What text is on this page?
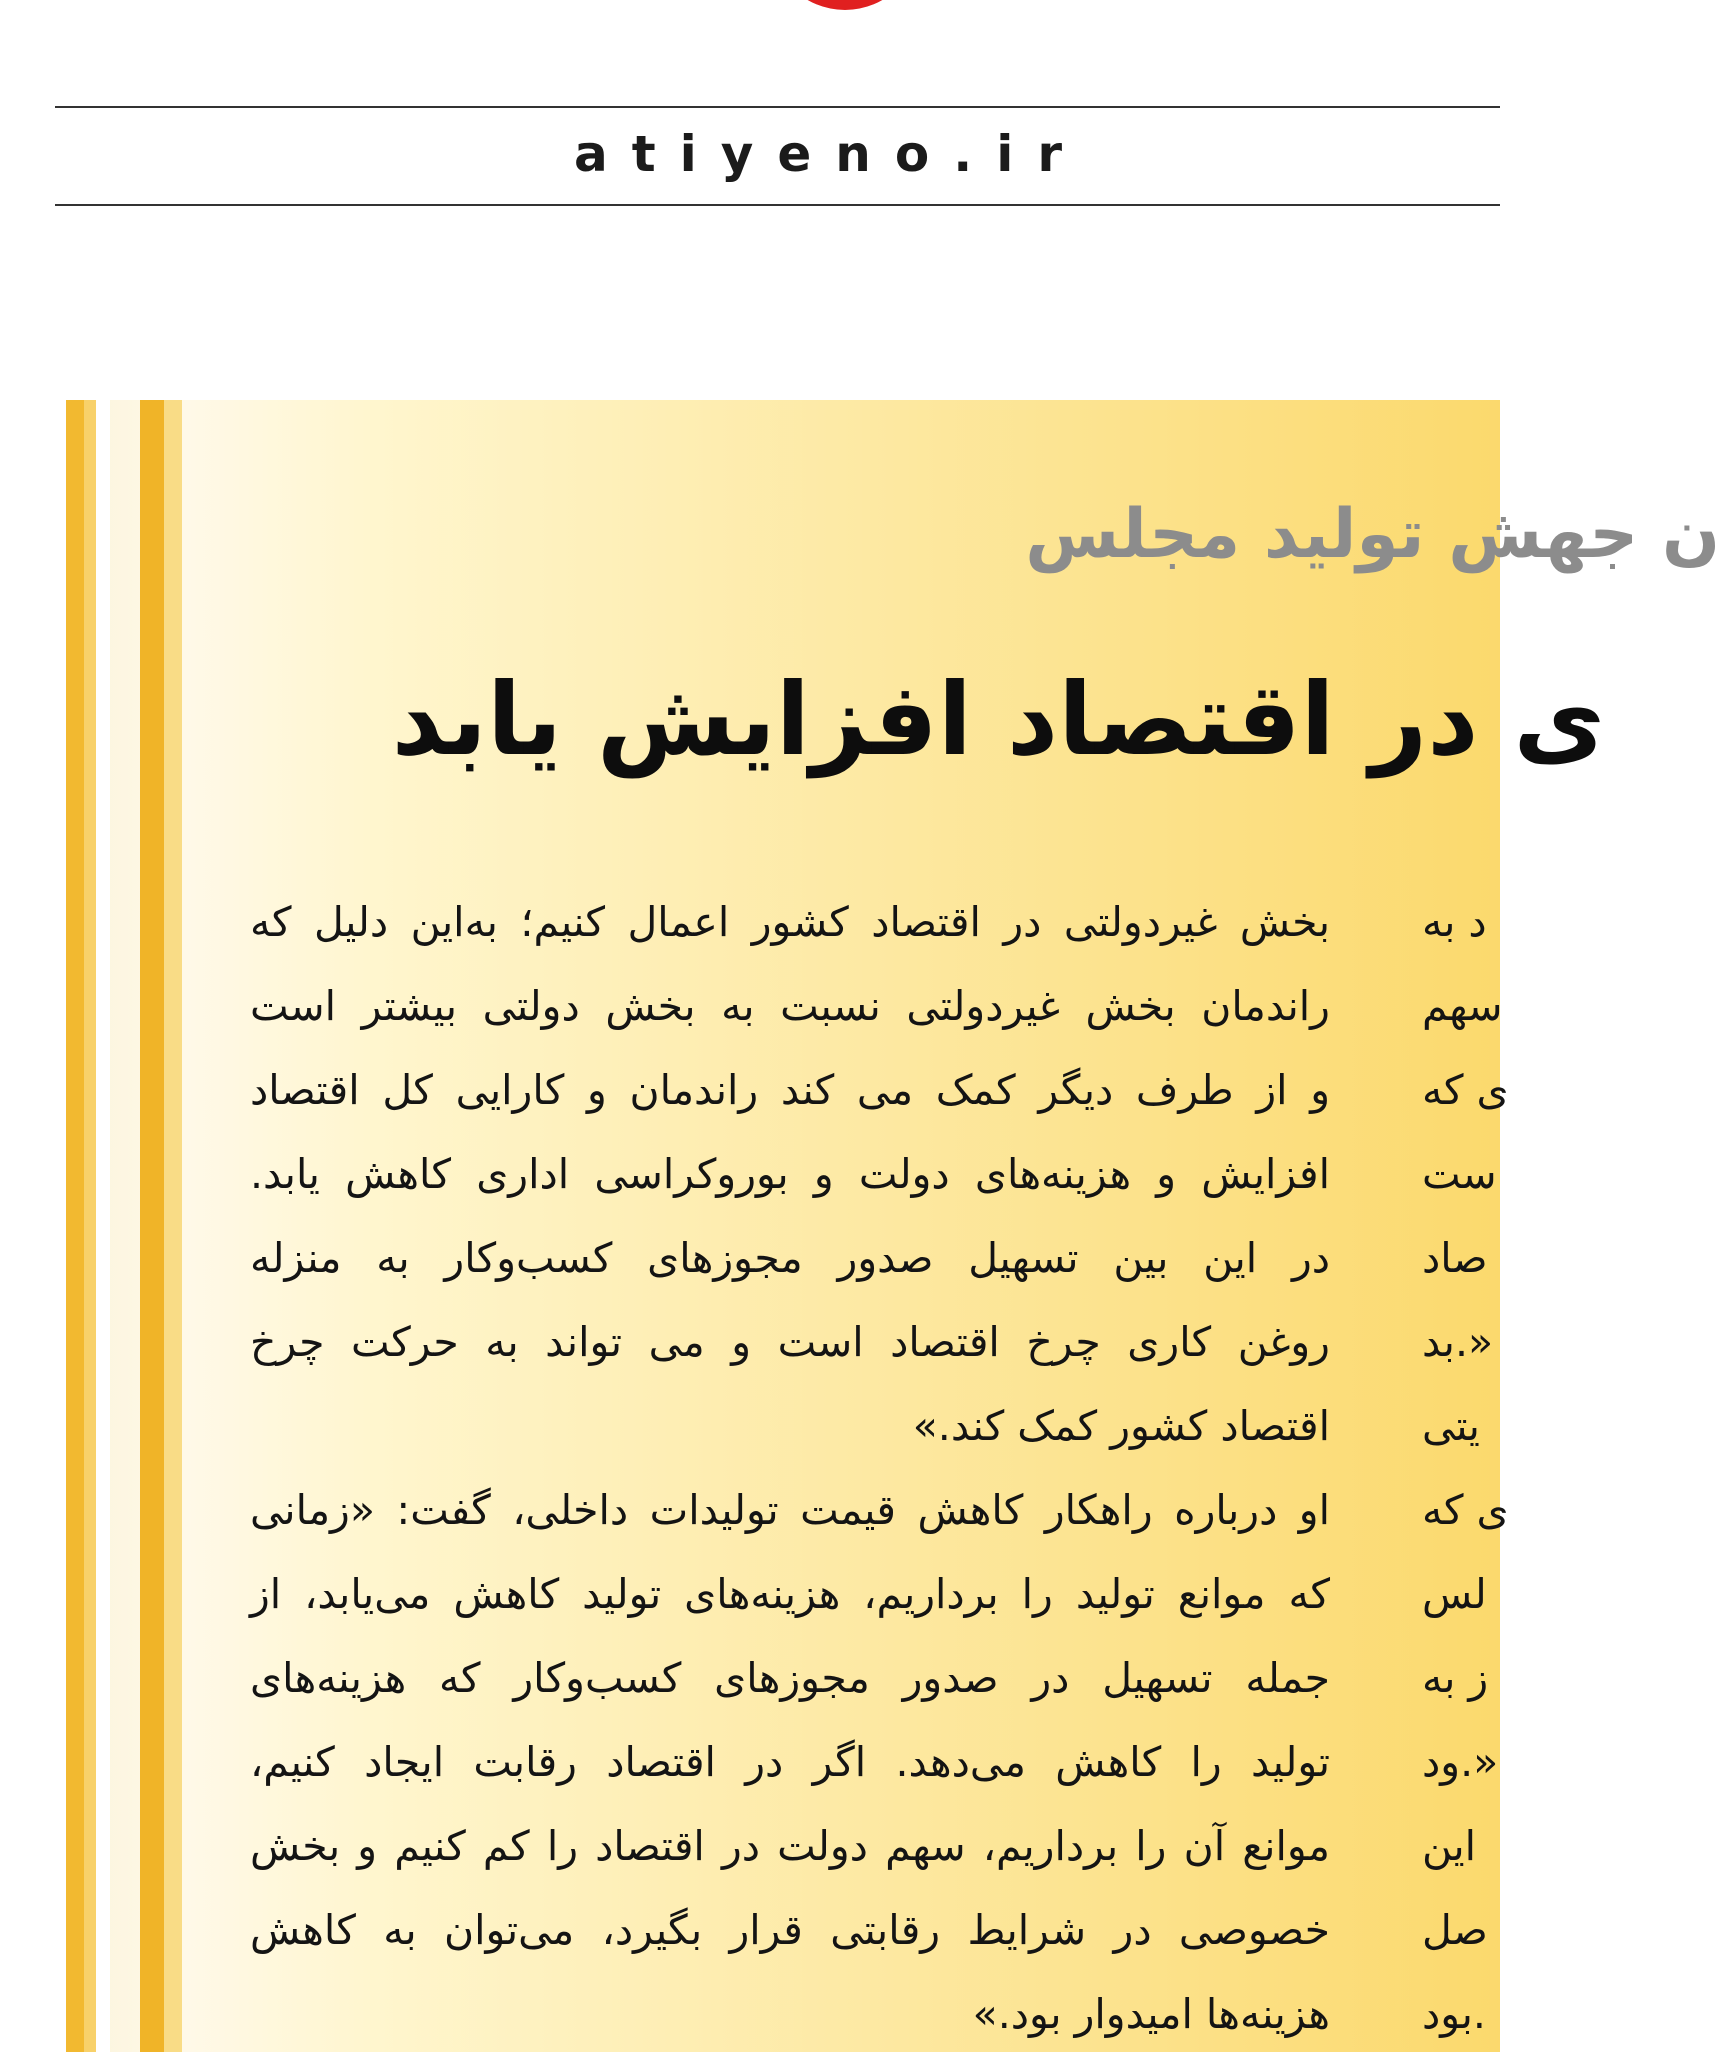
atiyeno.ir
ن جهش تولید مجلس
ی در اقتصاد افزایش یابد
بخش غیردولتی در اقتصاد کشور اعمال کنیم؛ به‌این دلیل که
راندمان بخش غیردولتی نسبت به بخش دولتی بیشتر است
و از طرف دیگر کمک می کند راندمان و کارایی کل اقتصاد
افزایش و هزینه‌های دولت و بوروکراسی اداری کاهش یابد.
در این بین تسهیل صدور مجوزهای کسب‌وکار به منزله
روغن کاری چرخ اقتصاد است و می تواند به حرکت چرخ
اقتصاد کشور کمک کند.»
او درباره راهکار کاهش قیمت تولیدات داخلی، گفت: «زمانی
که موانع تولید را برداریم، هزینه‌های تولید کاهش می‌یابد، از
جمله تسهیل در صدور مجوزهای کسب‌وکار که هزینه‌های
تولید را کاهش می‌دهد. اگر در اقتصاد رقابت ایجاد کنیم،
موانع آن را برداریم، سهم دولت در اقتصاد را کم کنیم و بخش
خصوصی در شرایط رقابتی قرار بگیرد، می‌توان به کاهش
هزینه‌ها امیدوار بود.»
د به
سهم
ی که
ست
صاد
بد.»
یتی
ی که
لس
ز به
ود.»
این
صل
بود.
